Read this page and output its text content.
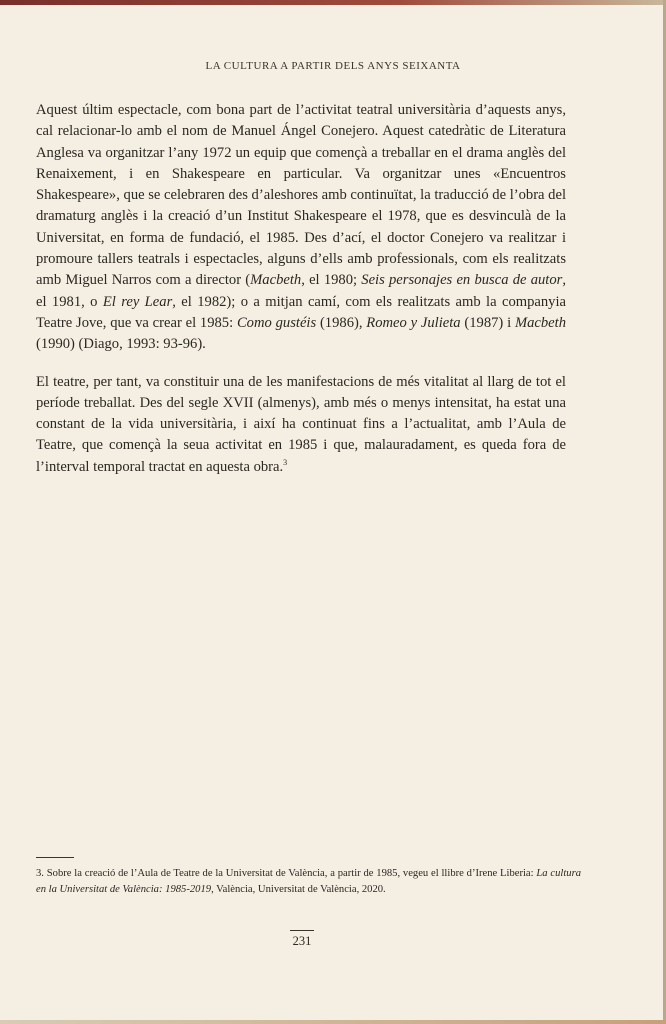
LA CULTURA A PARTIR DELS ANYS SEIXANTA

Aquest últim espectacle, com bona part de l’activitat teatral universitària d’aquests anys, cal relacionar-lo amb el nom de Manuel Ángel Conejero. Aquest catedràtic de Literatura Anglesa va organitzar l’any 1972 un equip que començà a treballar en el drama anglès del Renaixement, i en Shakespeare en particular. Va organitzar unes «Encuentros Shakespeare», que se celebraren des d’aleshores amb continuïtat, la traducció de l’obra del dramaturg anglès i la creació d’un Institut Shakespeare el 1978, que es desvinculà de la Universitat, en forma de fundació, el 1985. Des d’ací, el doctor Conejero va realitzar i promoure tallers teatrals i espectacles, alguns d’ells amb professionals, com els realitzats amb Miguel Narros com a director (Macbeth, el 1980; Seis personajes en busca de autor, el 1981, o El rey Lear, el 1982); o a mitjan camí, com els realitzats amb la companyia Teatre Jove, que va crear el 1985: Como gustéis (1986), Romeo y Julieta (1987) i Macbeth (1990) (Diago, 1993: 93-96).

El teatre, per tant, va constituir una de les manifestacions de més vitalitat al llarg de tot el període treballat. Des del segle XVII (almenys), amb més o menys intensitat, ha estat una constant de la vida universitària, i així ha continuat fins a l’actualitat, amb l’Aula de Teatre, que començà la seua activitat en 1985 i que, malauradament, es queda fora de l’interval temporal tractat en aquesta obra.$^3$

3. Sobre la creació de l’Aula de Teatre de la Universitat de València, a partir de 1985, vegeu el llibre d’Irene Liberia: La cultura en la Universitat de València: 1985-2019, València, Universitat de València, 2020.
231
